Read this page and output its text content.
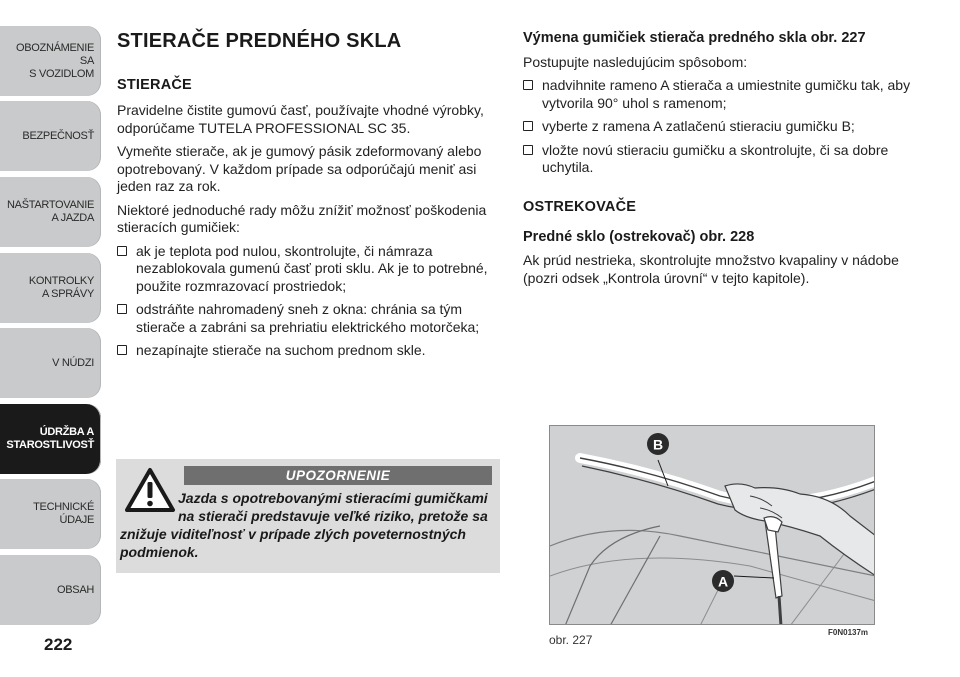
OBOZNÁMENIE SA
S VOZIDLOM
BEZPEČNOSŤ
NAŠTARTOVANIE
A JAZDA
KONTROLKY
A SPRÁVY
V NÚDZI
ÚDRŽBA A
STAROSTLIVOSŤ
TECHNICKÉ
ÚDAJE
OBSAH
222
STIERAČE PREDNÉHO SKLA
STIERAČE

Pravidelne čistite gumovú časť, používajte vhodné výrobky, odporúčame TUTELA PROFESSIONAL SC 35.

Vymeňte stierače, ak je gumový pásik zdeformovaný alebo opotrebovaný. V každom prípade sa odporúčajú meniť asi jeden raz za rok.

Niektoré jednoduché rady môžu znížiť možnosť poškodenia stieracích gumičiek:

ak je teplota pod nulou, skontrolujte, či námraza nezablokovala gumenú časť proti sklu. Ak je to potrebné, použite rozmrazovací prostriedok;
odstráňte nahromadený sneh z okna: chránia sa tým stierače a zabráni sa prehriatiu elektrického motorčeka;
nezapínajte stierače na suchom prednom skle.
UPOZORNENIE

Jazda s opotrebovanými stieracími gumičkami na stierači predstavuje veľké riziko, pretože sa znižuje viditeľnosť v prípade zlých poveternostných podmienok.

Výmena gumičiek stierača predného skla obr. 227

Postupujte nasledujúcim spôsobom:

nadvihnite rameno A stierača a umiestnite gumičku tak, aby vytvorila 90° uhol s ramenom;
vyberte z ramena A zatlačenú stieraciu gumičku B;
vložte novú stieraciu gumičku a skontrolujte, či sa dobre uchytila.
OSTREKOVAČE
Predné sklo (ostrekovač) obr. 228

Ak prúd nestrieka, skontrolujte množstvo kvapaliny v nádobe (pozri odsek „Kontrola úrovní“ v tejto kapitole).

B
A
obr. 227
F0N0137m
